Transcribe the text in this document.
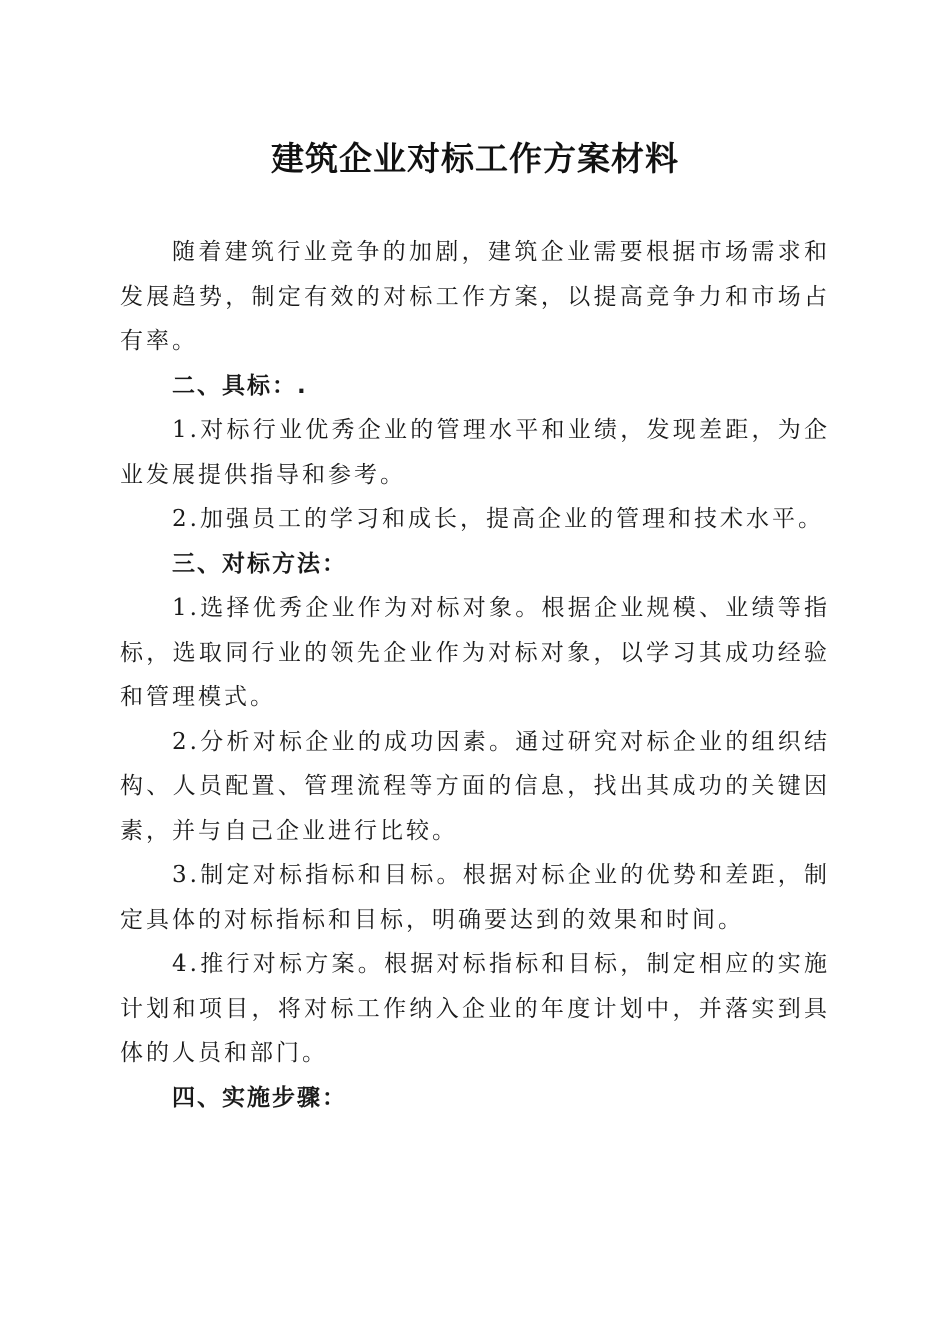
建筑企业对标工作方案材料

随着建筑行业竞争的加剧，建筑企业需要根据市场需求和发展趋势，制定有效的对标工作方案，以提高竞争力和市场占有率。

二、具标：.

1.对标行业优秀企业的管理水平和业绩，发现差距，为企业发展提供指导和参考。

2.加强员工的学习和成长，提高企业的管理和技术水平。

三、对标方法：

1.选择优秀企业作为对标对象。根据企业规模、业绩等指标，选取同行业的领先企业作为对标对象，以学习其成功经验和管理模式。

2.分析对标企业的成功因素。通过研究对标企业的组织结构、人员配置、管理流程等方面的信息，找出其成功的关键因素，并与自己企业进行比较。

3.制定对标指标和目标。根据对标企业的优势和差距，制定具体的对标指标和目标，明确要达到的效果和时间。

4.推行对标方案。根据对标指标和目标，制定相应的实施计划和项目，将对标工作纳入企业的年度计划中，并落实到具体的人员和部门。

四、实施步骤：
